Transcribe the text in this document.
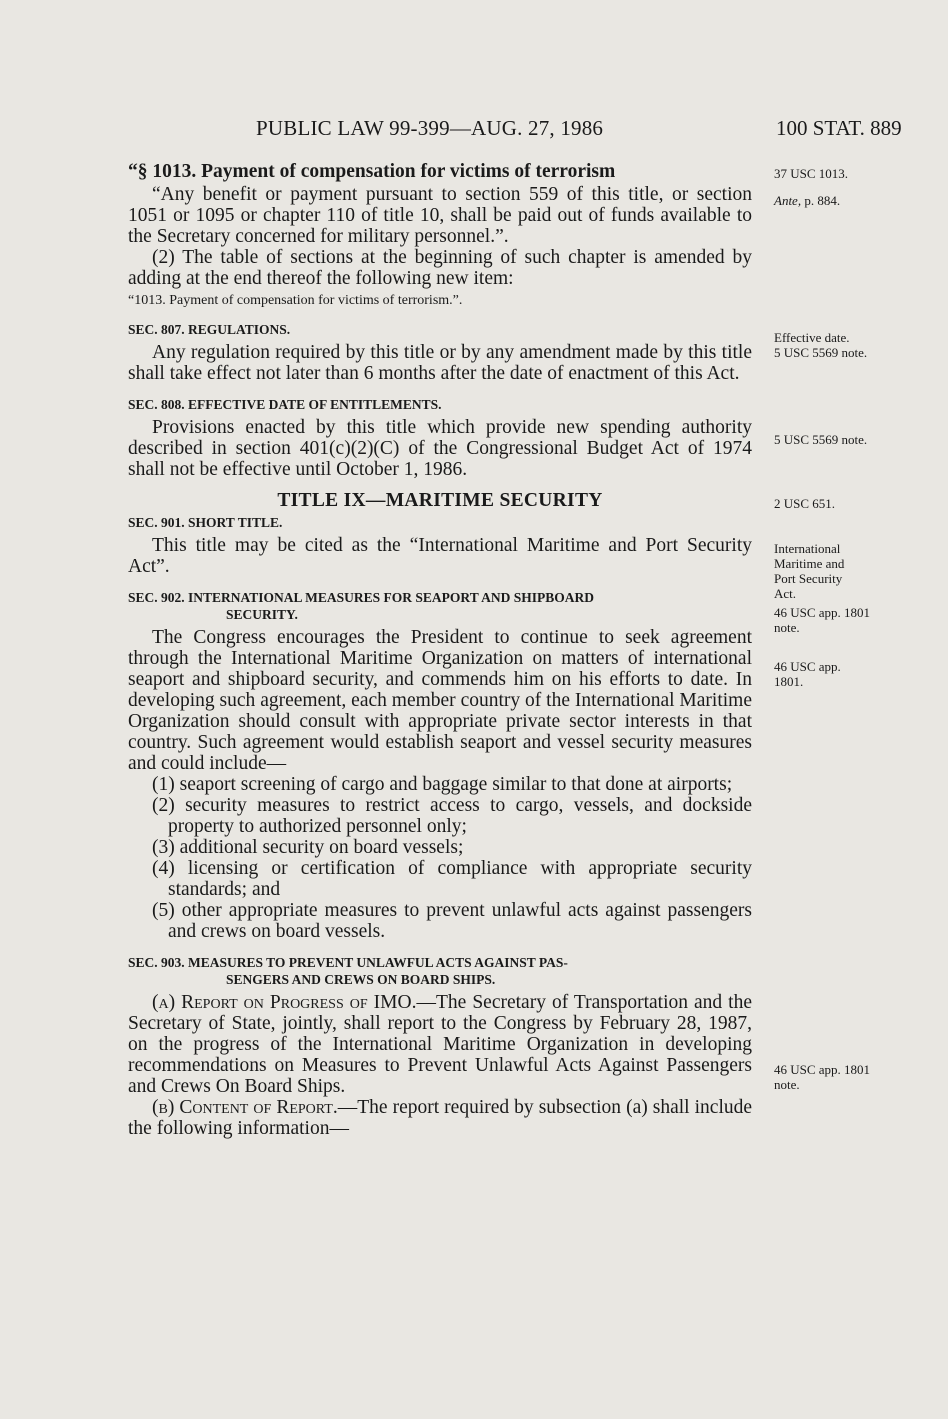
PUBLIC LAW 99-399—AUG. 27, 1986	100 STAT. 889
“§ 1013. Payment of compensation for victims of terrorism

“Any benefit or payment pursuant to section 559 of this title, or section 1051 or 1095 or chapter 110 of title 10, shall be paid out of funds available to the Secretary concerned for military personnel.”.

(2) The table of sections at the beginning of such chapter is amended by adding at the end thereof the following new item:

“1013. Payment of compensation for victims of terrorism.”.
SEC. 807. REGULATIONS.

Any regulation required by this title or by any amendment made by this title shall take effect not later than 6 months after the date of enactment of this Act.

SEC. 808. EFFECTIVE DATE OF ENTITLEMENTS.

Provisions enacted by this title which provide new spending authority described in section 401(c)(2)(C) of the Congressional Budget Act of 1974 shall not be effective until October 1, 1986.

TITLE IX—MARITIME SECURITY
SEC. 901. SHORT TITLE.

This title may be cited as the “International Maritime and Port Security Act”.

SEC. 902. INTERNATIONAL MEASURES FOR SEAPORT AND SHIPBOARD
SECURITY.

The Congress encourages the President to continue to seek agreement through the International Maritime Organization on matters of international seaport and shipboard security, and commends him on his efforts to date. In developing such agreement, each member country of the International Maritime Organization should consult with appropriate private sector interests in that country. Such agreement would establish seaport and vessel security measures and could include—

(1) seaport screening of cargo and baggage similar to that done at airports;

(2) security measures to restrict access to cargo, vessels, and dockside property to authorized personnel only;

(3) additional security on board vessels;

(4) licensing or certification of compliance with appropriate security standards; and

(5) other appropriate measures to prevent unlawful acts against passengers and crews on board vessels.

SEC. 903. MEASURES TO PREVENT UNLAWFUL ACTS AGAINST PAS-
SENGERS AND CREWS ON BOARD SHIPS.

(a) Report on Progress of IMO.—The Secretary of Transportation and the Secretary of State, jointly, shall report to the Congress by February 28, 1987, on the progress of the International Maritime Organization in developing recommendations on Measures to Prevent Unlawful Acts Against Passengers and Crews On Board Ships.

(b) Content of Report.—The report required by subsection (a) shall include the following information—

37 USC 1013.
Ante, p. 884.
Effective date.
5 USC 5569 note.
5 USC 5569 note.
2 USC 651.
International
Maritime and
Port Security
Act.
46 USC app. 1801
note.
46 USC app.
1801.
46 USC app. 1801
note.
